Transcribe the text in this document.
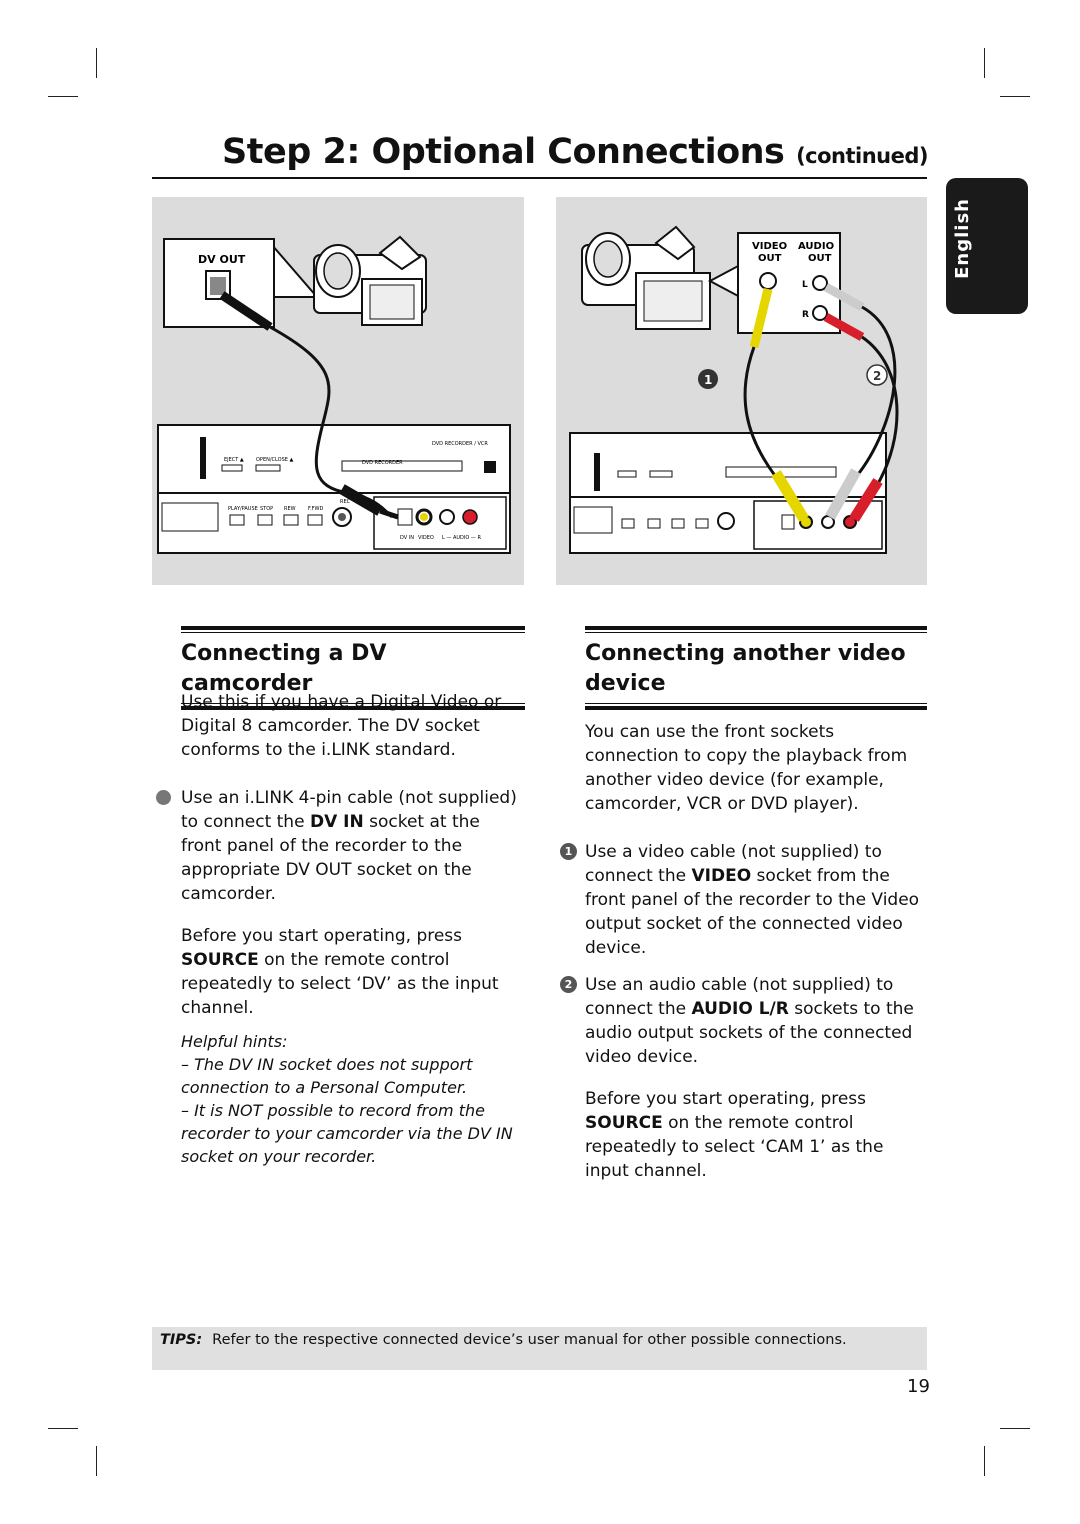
Step 2: Optional Connections (continued)
English
DV OUT
EJECT ▲ OPEN/CLOSE ▲	DVD RECORDER
DVD RECORDER / VCR
PLAY/PAUSE STOP REW F.FWD
DV IN VIDEO L — AUDIO — R
REC
VIDEO AUDIO
OUT	OUT
L
R
1	2
Connecting a DV camcorder

Use this if you have a Digital Video or Digital 8 camcorder. The DV socket conforms to the i.LINK standard.

Use an i.LINK 4-pin cable (not supplied) to connect the DV IN socket at the front panel of the recorder to the appropriate DV OUT socket on the camcorder.

Before you start operating, press SOURCE on the remote control repeatedly to select ‘DV’ as the input channel.

Helpful hints:

– The DV IN socket does not support connection to a Personal Computer.

– It is NOT possible to record from the recorder to your camcorder via the DV IN socket on your recorder.

Connecting another video device

You can use the front sockets connection to copy the playback from another video device (for example, camcorder, VCR or DVD player).

1 Use a video cable (not supplied) to connect the VIDEO socket from the front panel of the recorder to the Video output socket of the connected video device.

2 Use an audio cable (not supplied) to connect the AUDIO L/R sockets to the audio output sockets of the connected video device.

Before you start operating, press SOURCE on the remote control repeatedly to select ‘CAM 1’ as the input channel.

TIPS: Refer to the respective connected device’s user manual for other possible connections.
19
